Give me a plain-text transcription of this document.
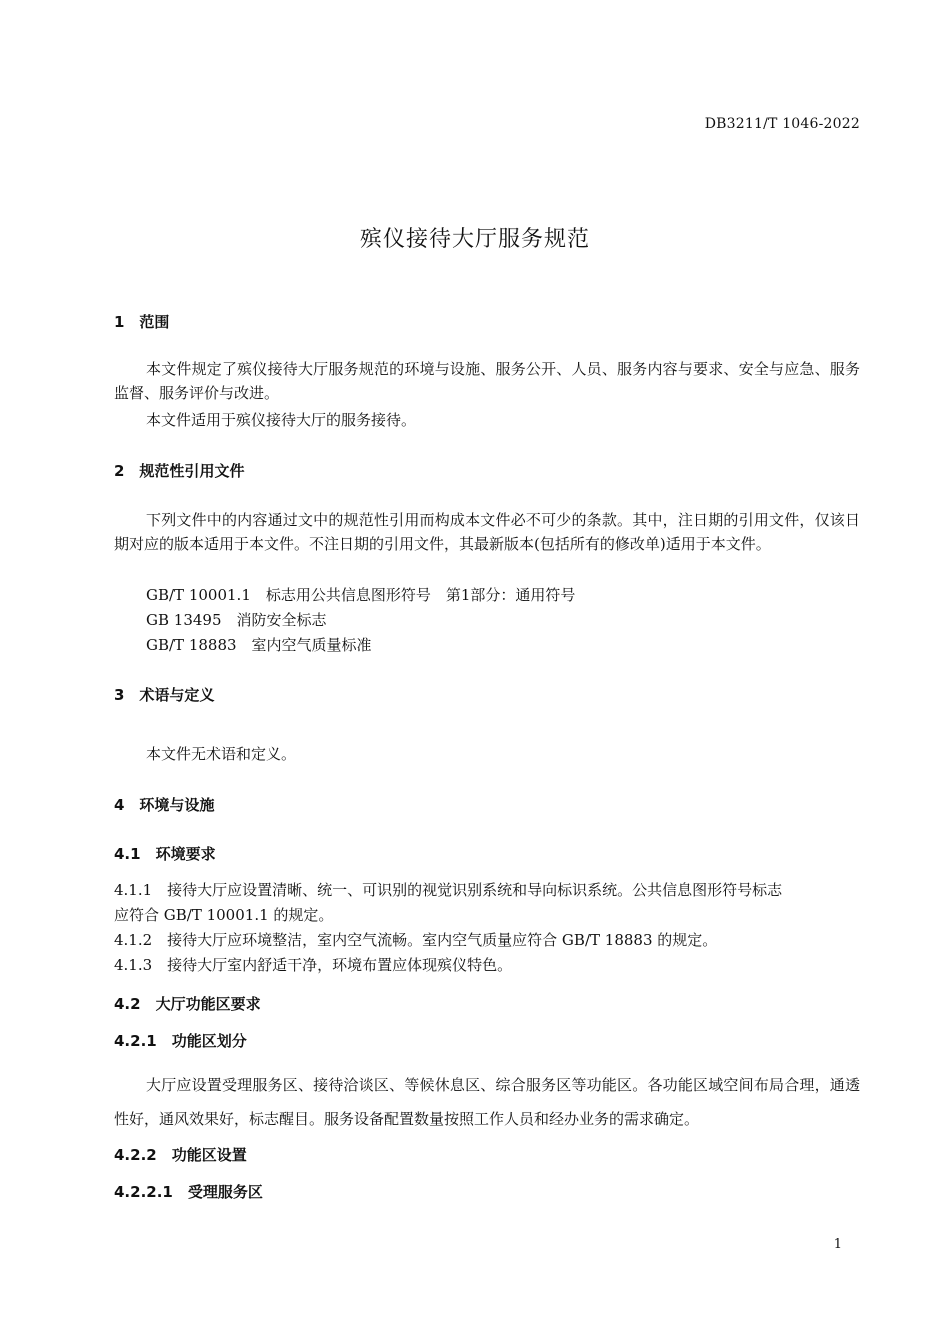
DB3211/T 1046-2022
殡仪接待大厅服务规范
1　范围
本文件规定了殡仪接待大厅服务规范的环境与设施、服务公开、人员、服务内容与要求、安全与应急、服务监督、服务评价与改进。
本文件适用于殡仪接待大厅的服务接待。
2　规范性引用文件
下列文件中的内容通过文中的规范性引用而构成本文件必不可少的条款。其中，注日期的引用文件，仅该日期对应的版本适用于本文件。不注日期的引用文件，其最新版本(包括所有的修改单)适用于本文件。
GB/T 10001.1　标志用公共信息图形符号　第1部分：通用符号
GB 13495　消防安全标志
GB/T 18883　室内空气质量标准
3　术语与定义
本文件无术语和定义。
4　环境与设施
4.1　环境要求
4.1.1　接待大厅应设置清晰、统一、可识别的视觉识别系统和导向标识系统。公共信息图形符号标志
应符合 GB/T 10001.1 的规定。
4.1.2　接待大厅应环境整洁，室内空气流畅。室内空气质量应符合 GB/T 18883 的规定。
4.1.3　接待大厅室内舒适干净，环境布置应体现殡仪特色。
4.2　大厅功能区要求
4.2.1　功能区划分
大厅应设置受理服务区、接待洽谈区、等候休息区、综合服务区等功能区。各功能区域空间布局合理，通透性好，通风效果好，标志醒目。服务设备配置数量按照工作人员和经办业务的需求确定。
4.2.2　功能区设置
4.2.2.1　受理服务区
1
